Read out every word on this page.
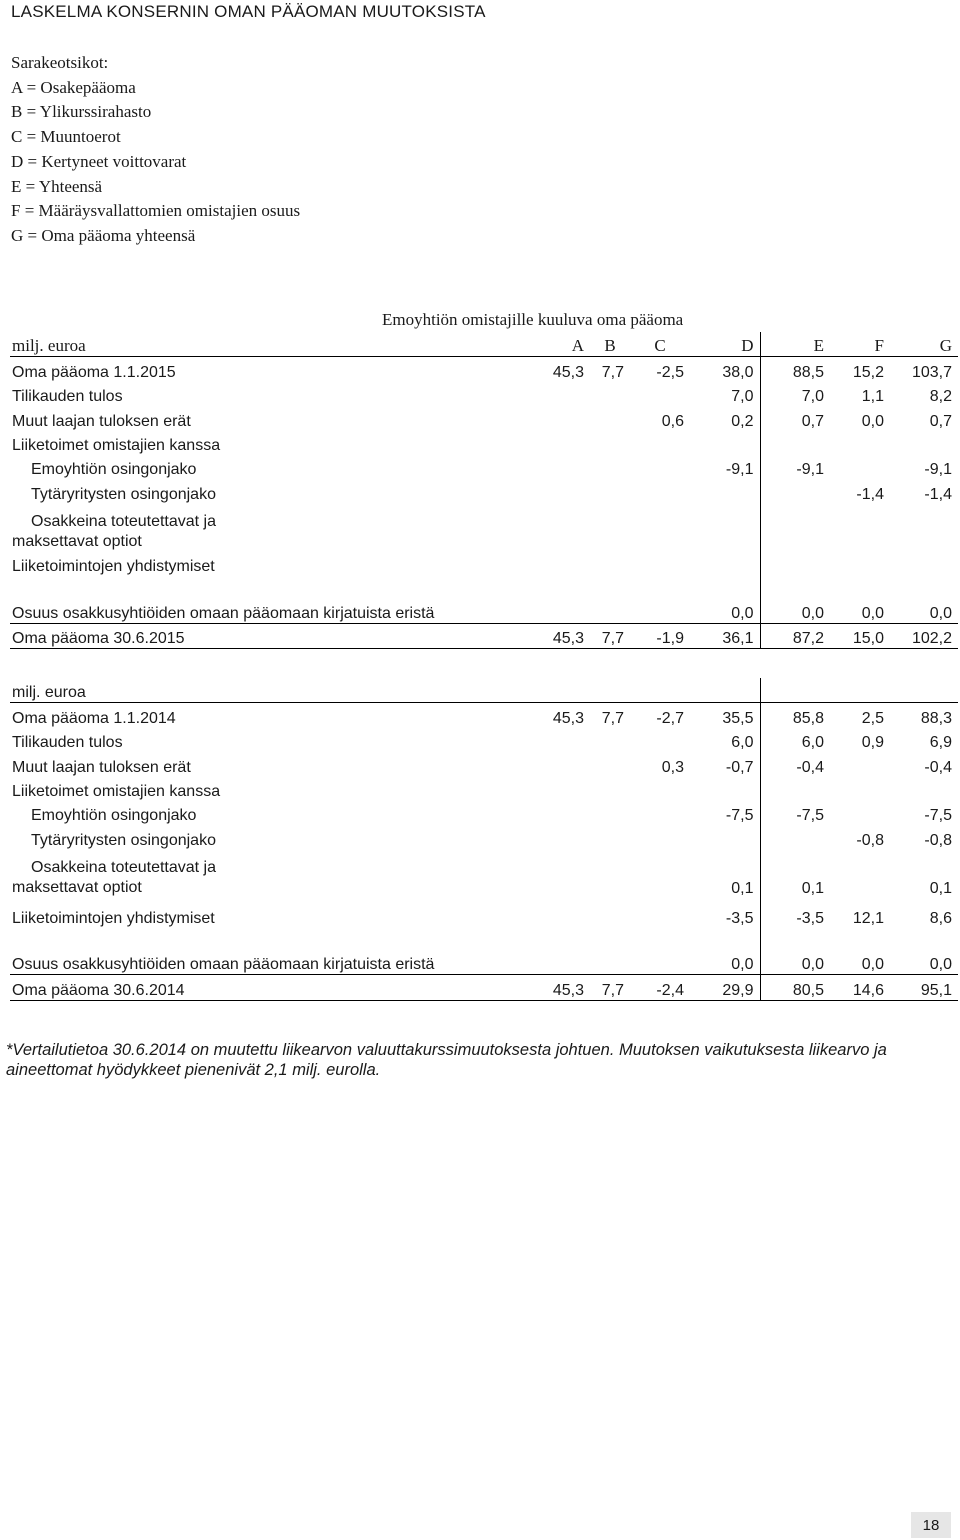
LASKELMA KONSERNIN OMAN PÄÄOMAN MUUTOKSISTA
Sarakeotsikot:
A = Osakepääoma
B = Ylikurssirahasto
C = Muuntoerot
D = Kertyneet voittovarat
E = Yhteensä
F = Määräysvallattomien omistajien osuus
G = Oma pääoma yhteensä
Emoyhtiön omistajille kuuluva oma pääoma
milj. euroa	A	B	C	D	E	F	G
Oma pääoma 1.1.2015	45,3	7,7	-2,5	38,0	88,5	15,2	103,7
Tilikauden tulos				7,0	7,0	1,1	8,2
Muut laajan tuloksen erät			0,6	0,2	0,7	0,0	0,7
Liiketoimet omistajien kanssa							
Emoyhtiön osingonjako				-9,1	-9,1		-9,1
Tytäryritysten osingonjako						-1,4	-1,4

Osakkeina toteutettavat ja
maksettavat optiot							

Liiketoimintojen yhdistymiset							

Osuus osakkusyhtiöiden omaan pääomaan kirjatuista eristä				0,0	0,0	0,0	0,0
Oma pääoma 30.6.2015	45,3	7,7	-1,9	36,1	87,2	15,0	102,2
milj. euroa							
Oma pääoma 1.1.2014	45,3	7,7	-2,7	35,5	85,8	2,5	88,3
Tilikauden tulos				6,0	6,0	0,9	6,9
Muut laajan tuloksen erät			0,3	-0,7	-0,4		-0,4
Liiketoimet omistajien kanssa							
Emoyhtiön osingonjako				-7,5	-7,5		-7,5
Tytäryritysten osingonjako						-0,8	-0,8

Osakkeina toteutettavat ja
maksettavat optiot				0,1	0,1		0,1
Liiketoimintojen yhdistymiset				-3,5	-3,5	12,1	8,6

Osuus osakkusyhtiöiden omaan pääomaan kirjatuista eristä				0,0	0,0	0,0	0,0
Oma pääoma 30.6.2014	45,3	7,7	-2,4	29,9	80,5	14,6	95,1
*Vertailutietoa 30.6.2014 on muutettu liikearvon valuuttakurssimuutoksesta johtuen. Muutoksen vaikutuksesta liikearvo ja aineettomat hyödykkeet pienenivät 2,1 milj. eurolla.
18
